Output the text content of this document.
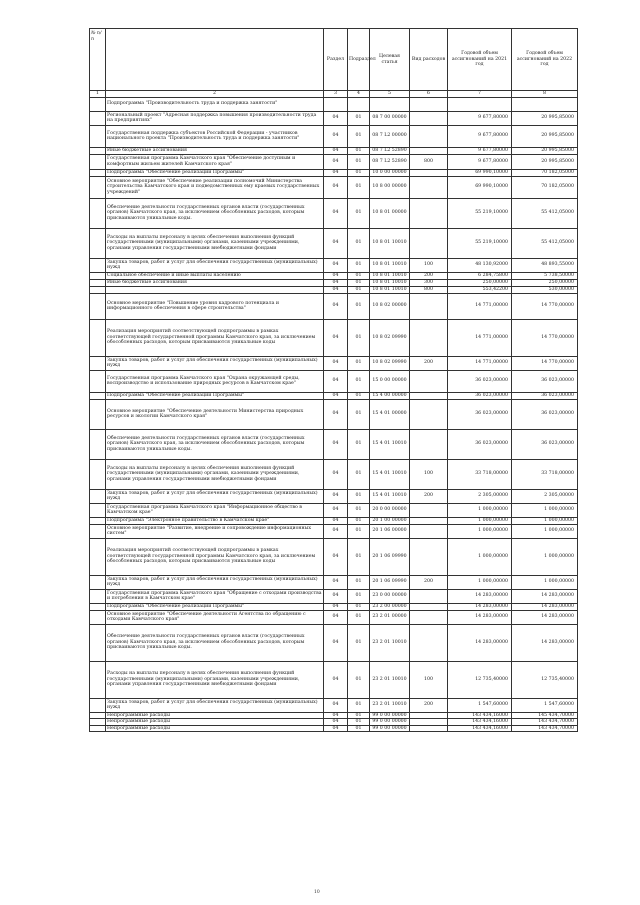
№ п/п		Раздел	Подраздел	Целевая статья	Вид расходов	Годовой объем ассигнований на 2021 год	Годовой объем ассигнований на 2022 год
1	2	3	4	5	6	7	8
	Подпрограмма "Производительность труда и поддержка занятости"						
	Региональный проект "Адресная поддержка повышения производительности труда на предприятиях"	04	01	08 7 00 00000		9 677,80000	20 995,85000
	Государственная поддержка субъектов Российской Федерации - участников национального проекта "Производительность труда и поддержка занятости"	04	01	08 7 L2 00000		9 677,80000	20 995,85000
	Иные бюджетные ассигнования	04	01	08 7 L2 52890		9 677,80000	20 995,85000
	Государственная программа Камчатского края "Обеспечение доступным и комфортным жильем жителей Камчатского края"	04	01	08 7 L2 52890	800	9 677,80000	20 995,85000
	Подпрограмма "Обеспечение реализации Программы"	04	01	10 0 00 00000		69 990,10000	70 182,05000
	Основное мероприятие "Обеспечение реализации полномочий Министерства строительства Камчатского края и подведомственных ему краевых государственных учреждений"	04	01	10 8 00 00000		69 990,10000	70 182,05000
	Обеспечение деятельности государственных органов власти (государственных органов) Камчатского края, за исключением обособленных расходов, которым присваиваются уникальные коды.	04	01	10 8 01 00000		55 219,10000	55 412,05000
	Расходы на выплаты персоналу в целях обеспечения выполнения функций государственными (муниципальными) органами, казенными учреждениями, органами управления государственными внебюджетными фондами	04	01	10 8 01 10010		55 219,10000	55 412,05000
	Закупка товаров, работ и услуг для обеспечения государственных (муниципальных) нужд	04	01	10 8 01 10010	100	48 130,92000	48 893,55000
	Социальное обеспечение и иные выплаты населению	04	01	10 8 01 10010	200	6 284,75800	5 738,50000
	Иные бюджетные ассигнования	04	01	10 8 01 10010	300	250,00000	250,00000
		04	01	10 8 01 10010	800	553,42200	530,00000
	Основное мероприятие "Повышение уровня кадрового потенциала и информационного обеспечения в сфере строительства"	04	01	10 8 02 00000		14 771,00000	14 770,00000
	Реализация мероприятий соответствующей подпрограммы в рамках соответствующей государственной программы Камчатского края, за исключением обособленных расходов, которым присваиваются уникальные коды	04	01	10 8 02 09990		14 771,00000	14 770,00000
	Закупка товаров, работ и услуг для обеспечения государственных (муниципальных) нужд	04	01	10 8 02 09990	200	14 771,00000	14 770,00000
	Государственная программа Камчатского края "Охрана окружающей среды, воспроизводство и использование природных ресурсов в Камчатском крае"	04	01	15 0 00 00000		36 023,00000	36 023,00000
	Подпрограмма "Обеспечение реализации Программы"	04	01	15 4 00 00000		36 023,00000	36 023,00000
	Основное мероприятие "Обеспечение деятельности Министерства природных ресурсов и экологии Камчатского края"	04	01	15 4 01 00000		36 023,00000	36 023,00000
	Обеспечение деятельности государственных органов власти (государственных органов) Камчатского края, за исключением обособленных расходов, которым присваиваются уникальные коды.	04	01	15 4 01 10010		36 023,00000	36 023,00000
	Расходы на выплаты персоналу в целях обеспечения выполнения функций государственными (муниципальными) органами, казенными учреждениями, органами управления государственными внебюджетными фондами	04	01	15 4 01 10010	100	33 718,00000	33 718,00000
	Закупка товаров, работ и услуг для обеспечения государственных (муниципальных) нужд	04	01	15 4 01 10010	200	2 305,00000	2 305,00000
	Государственная программа Камчатского края "Информационное общество в Камчатском крае"	04	01	20 0 00 00000		1 000,00000	1 000,00000
	Подпрограмма "Электронное правительство в Камчатском крае"	04	01	20 1 00 00000		1 000,00000	1 000,00000
	Основное мероприятие "Развитие, внедрение и сопровождение информационных систем"	04	01	20 1 06 00000		1 000,00000	1 000,00000
	Реализация мероприятий соответствующей подпрограммы в рамках соответствующей государственной программы Камчатского края, за исключением обособленных расходов, которым присваиваются уникальные коды	04	01	20 1 06 09990		1 000,00000	1 000,00000
	Закупка товаров, работ и услуг для обеспечения государственных (муниципальных) нужд	04	01	20 1 06 09990	200	1 000,00000	1 000,00000
	Государственная программа Камчатского края "Обращение с отходами производства и потребления в Камчатском крае"	04	01	23 0 00 00000		14 283,00000	14 283,00000
	Подпрограмма "Обеспечение реализации Программы"	04	01	23 2 00 00000		14 283,00000	14 283,00000
	Основное мероприятие "Обеспечение деятельности Агентства по обращению с отходами Камчатского края"	04	01	23 2 01 00000		14 283,00000	14 283,00000
	Обеспечение деятельности государственных органов власти (государственных органов) Камчатского края, за исключением обособленных расходов, которым присваиваются уникальные коды.	04	01	23 2 01 10010		14 283,00000	14 283,00000
	Расходы на выплаты персоналу в целях обеспечения выполнения функций государственными (муниципальными) органами, казенными учреждениями, органами управления государственными внебюджетными фондами	04	01	23 2 01 10010	100	12 735,40000	12 735,40000
	Закупка товаров, работ и услуг для обеспечения государственных (муниципальных) нужд	04	01	23 2 01 10010	200	1 547,60000	1 547,60000
	Непрограммные расходы	04	01	99 0 00 00000		143 434,16000	145 434,70000
	Непрограммные расходы	04	01	99 0 00 00000		143 434,16000	143 434,70000
	Непрограммные расходы	04	01	99 0 00 00000		143 434,16000	143 434,70000
10
